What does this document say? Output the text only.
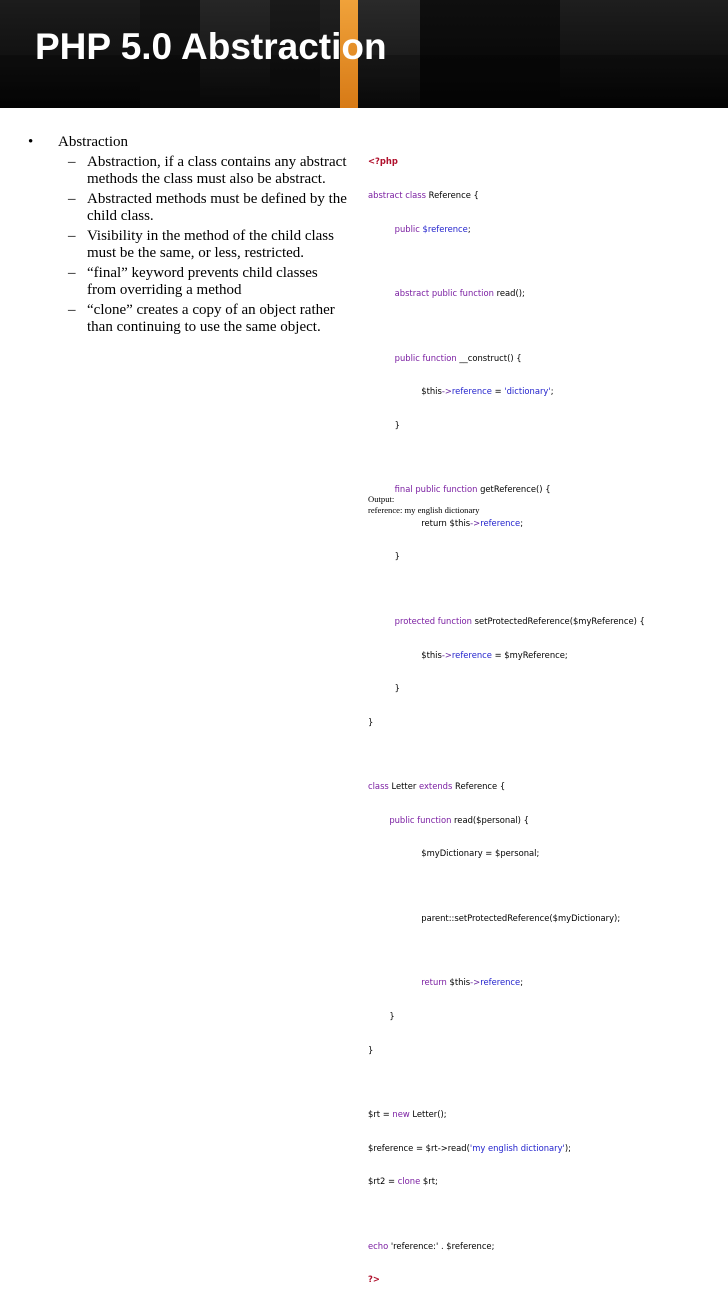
PHP 5.0 Abstraction
• Abstraction
– Abstraction, if a class contains any abstract methods the class must also be abstract.
– Abstracted methods must be defined by the child class.
– Visibility in the method of the child class must be the same, or less, restricted.
– “final” keyword prevents child classes from overriding a method
– “clone” creates a copy of an object rather than continuing to use the same object.

<?php

abstract class Reference {

public $reference;

abstract public function read();

public function __construct() {

$this->reference = 'dictionary';

}

final public function getReference() {

return $this->reference;

}

protected function setProtectedReference($myReference) {

$this->reference = $myReference;

}

}

class Letter extends Reference {

public function read($personal) {

$myDictionary = $personal;

parent::setProtectedReference($myDictionary);

return $this->reference;

}

}

$rt = new Letter();

$reference = $rt->read('my english dictionary');

$rt2 = clone $rt;

echo 'reference:' . $reference;

?>

Output:
reference: my english dictionary
